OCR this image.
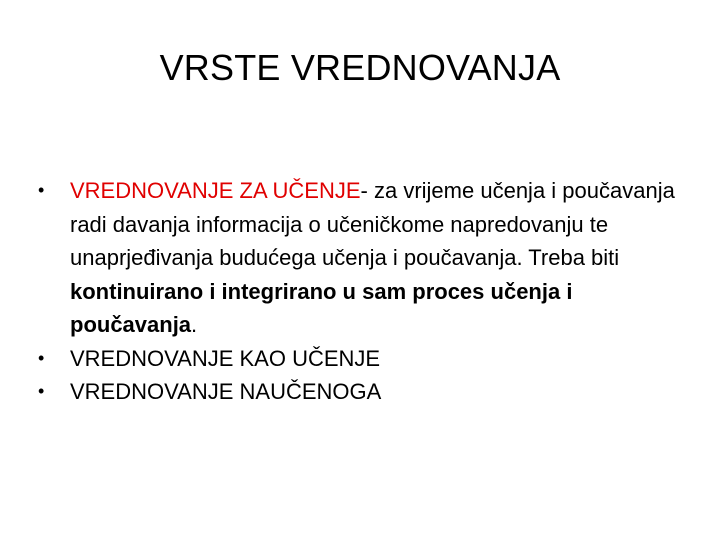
VRSTE VREDNOVANJA
•	VREDNOVANJE ZA UČENJE- za vrijeme učenja i poučavanja radi davanja informacija o učeničkome napredovanju te unaprjeđivanja budućega učenja i poučavanja. Treba biti kontinuirano i integrirano u sam proces učenja i poučavanja.
•	VREDNOVANJE KAO UČENJE
•	VREDNOVANJE NAUČENOGA
